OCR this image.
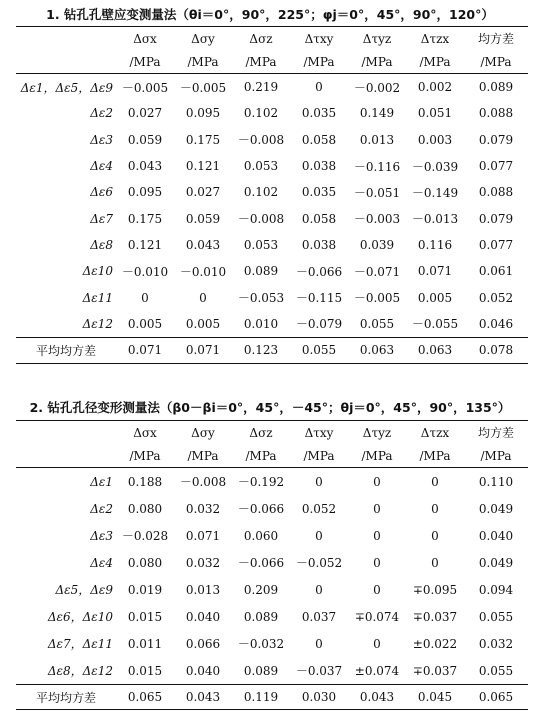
1. 钻孔孔壁应变测量法（θi＝0°，90°，225°；φj＝0°，45°，90°，120°）
	Δσx	Δσy	Δσz	Δτxy	Δτyz	Δτzx	均方差
	/MPa	/MPa	/MPa	/MPa	/MPa	/MPa	/MPa
Δε1，Δε5，Δε9	－0.005	－0.005	0.219	0	－0.002	0.002	0.089
Δε2	0.027	0.095	0.102	0.035	0.149	0.051	0.088
Δε3	0.059	0.175	－0.008	0.058	0.013	0.003	0.079
Δε4	0.043	0.121	0.053	0.038	－0.116	－0.039	0.077
Δε6	0.095	0.027	0.102	0.035	－0.051	－0.149	0.088
Δε7	0.175	0.059	－0.008	0.058	－0.003	－0.013	0.079
Δε8	0.121	0.043	0.053	0.038	0.039	0.116	0.077
Δε10	－0.010	－0.010	0.089	－0.066	－0.071	0.071	0.061
Δε11	0	0	－0.053	－0.115	－0.005	0.005	0.052
Δε12	0.005	0.005	0.010	－0.079	0.055	－0.055	0.046
平均均方差	0.071	0.071	0.123	0.055	0.063	0.063	0.078
2. 钻孔孔径变形测量法（β0－βi＝0°，45°，－45°；θj＝0°，45°，90°，135°）
	Δσx	Δσy	Δσz	Δτxy	Δτyz	Δτzx	均方差
	/MPa	/MPa	/MPa	/MPa	/MPa	/MPa	/MPa
Δε1	0.188	－0.008	－0.192	0	0	0	0.110
Δε2	0.080	0.032	－0.066	0.052	0	0	0.049
Δε3	－0.028	0.071	0.060	0	0	0	0.040
Δε4	0.080	0.032	－0.066	－0.052	0	0	0.049
Δε5，Δε9	0.019	0.013	0.209	0	0	∓0.095	0.094
Δε6，Δε10	0.015	0.040	0.089	0.037	∓0.074	∓0.037	0.055
Δε7，Δε11	0.011	0.066	－0.032	0	0	±0.022	0.032
Δε8，Δε12	0.015	0.040	0.089	－0.037	±0.074	∓0.037	0.055
平均均方差	0.065	0.043	0.119	0.030	0.043	0.045	0.065
